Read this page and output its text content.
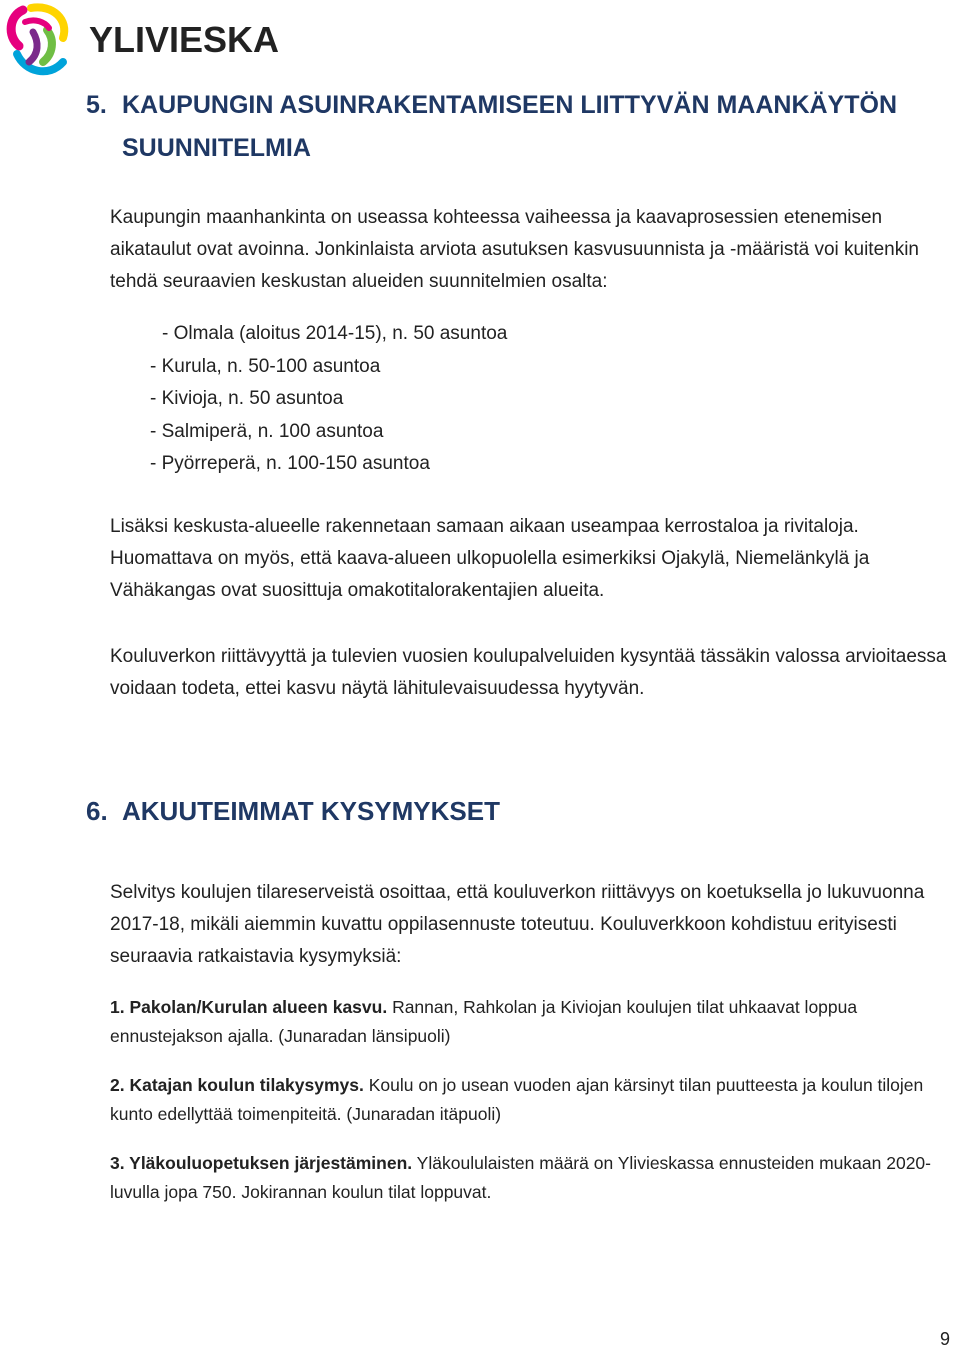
YLIVIESKA
5. KAUPUNGIN ASUINRAKENTAMISEEN LIITTYVÄN MAANKÄYTÖN SUUNNITELMIA

Kaupungin maanhankinta on useassa kohteessa vaiheessa ja kaavaprosessien etenemisen aikataulut ovat avoinna. Jonkinlaista arviota asutuksen kasvusuunnista ja -määristä voi kuitenkin tehdä seuraavien keskustan alueiden suunnitelmien osalta:

- Olmala (aloitus 2014-15), n. 50 asuntoa
- Kurula, n. 50-100 asuntoa
- Kivioja, n. 50 asuntoa
- Salmiperä, n. 100 asuntoa
- Pyörreperä, n. 100-150 asuntoa

Lisäksi keskusta-alueelle rakennetaan samaan aikaan useampaa kerrostaloa ja rivitaloja. Huomattava on myös, että kaava-alueen ulkopuolella esimerkiksi Ojakylä, Niemelänkylä ja Vähäkangas ovat suosittuja omakotitalorakentajien alueita.

Kouluverkon riittävyyttä ja tulevien vuosien koulupalveluiden kysyntää tässäkin valossa arvioitaessa voidaan todeta, ettei kasvu näytä lähitulevaisuudessa hyytyvän.

6. AKUUTEIMMAT KYSYMYKSET

Selvitys koulujen tilareserveistä osoittaa, että kouluverkon riittävyys on koetuksella jo lukuvuonna 2017-18, mikäli aiemmin kuvattu oppilasennuste toteutuu. Kouluverkkoon kohdistuu erityisesti seuraavia ratkaistavia kysymyksiä:

1. Pakolan/Kurulan alueen kasvu. Rannan, Rahkolan ja Kiviojan koulujen tilat uhkaavat loppua ennustejakson ajalla. (Junaradan länsipuoli)

2. Katajan koulun tilakysymys. Koulu on jo usean vuoden ajan kärsinyt tilan puutteesta ja koulun tilojen kunto edellyttää toimenpiteitä. (Junaradan itäpuoli)

3. Yläkouluopetuksen järjestäminen. Yläkoululaisten määrä on Ylivieskassa ennusteiden mukaan 2020-luvulla jopa 750. Jokirannan koulun tilat loppuvat.

9
